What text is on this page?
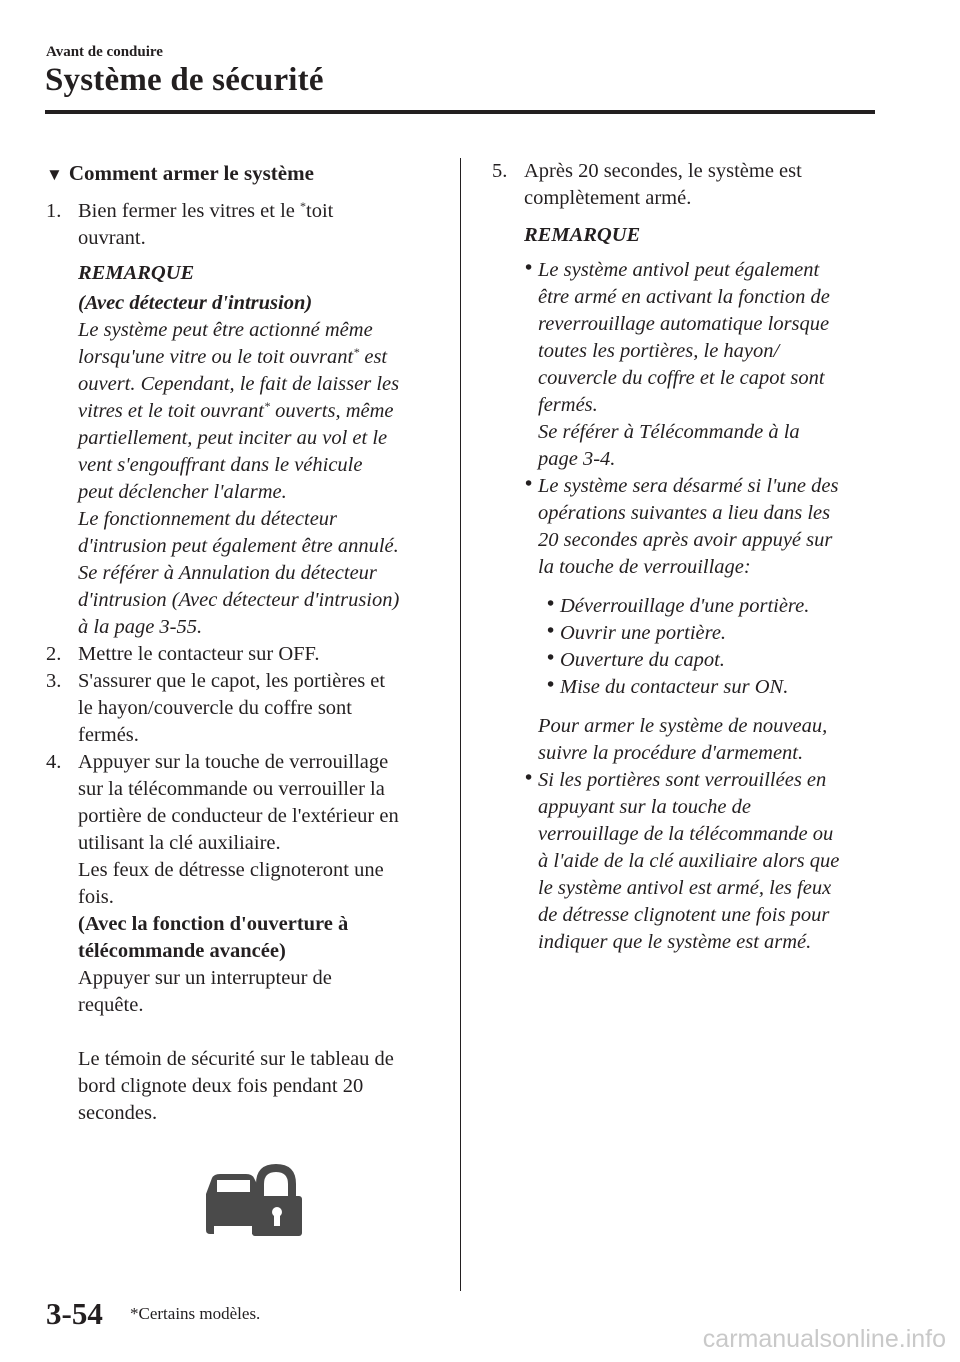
Avant de conduire
Système de sécurité
▼ Comment armer le système
1. Bien fermer les vitres et le *toit
ouvrant.
REMARQUE
(Avec détecteur d'intrusion)
Le système peut être actionné même
lorsqu'une vitre ou le toit ouvrant* est
ouvert. Cependant, le fait de laisser les
vitres et le toit ouvrant* ouverts, même
partiellement, peut inciter au vol et le
vent s'engouffrant dans le véhicule
peut déclencher l'alarme.
Le fonctionnement du détecteur
d'intrusion peut également être annulé.
Se référer à Annulation du détecteur
d'intrusion (Avec détecteur d'intrusion)
à la page 3-55.
2. Mettre le contacteur sur OFF.
3. S'assurer que le capot, les portières et
le hayon/couvercle du coffre sont
fermés.
4. Appuyer sur la touche de verrouillage
sur la télécommande ou verrouiller la
portière de conducteur de l'extérieur en
utilisant la clé auxiliaire.
Les feux de détresse clignoteront une
fois.
(Avec la fonction d'ouverture à
télécommande avancée)
Appuyer sur un interrupteur de
requête.
Le témoin de sécurité sur le tableau de
bord clignote deux fois pendant 20
secondes.
5. Après 20 secondes, le système est
complètement armé.
REMARQUE
• Le système antivol peut également
être armé en activant la fonction de
reverrouillage automatique lorsque
toutes les portières, le hayon/
couvercle du coffre et le capot sont
fermés.
Se référer à Télécommande à la
page 3-4.
• Le système sera désarmé si l'une des
opérations suivantes a lieu dans les
20 secondes après avoir appuyé sur
la touche de verrouillage:
• Déverrouillage d'une portière.
• Ouvrir une portière.
• Ouverture du capot.
• Mise du contacteur sur ON.
Pour armer le système de nouveau,
suivre la procédure d'armement.
• Si les portières sont verrouillées en
appuyant sur la touche de
verrouillage de la télécommande ou
à l'aide de la clé auxiliaire alors que
le système antivol est armé, les feux
de détresse clignotent une fois pour
indiquer que le système est armé.
3-54 *Certains modèles.
carmanualsonline.info
